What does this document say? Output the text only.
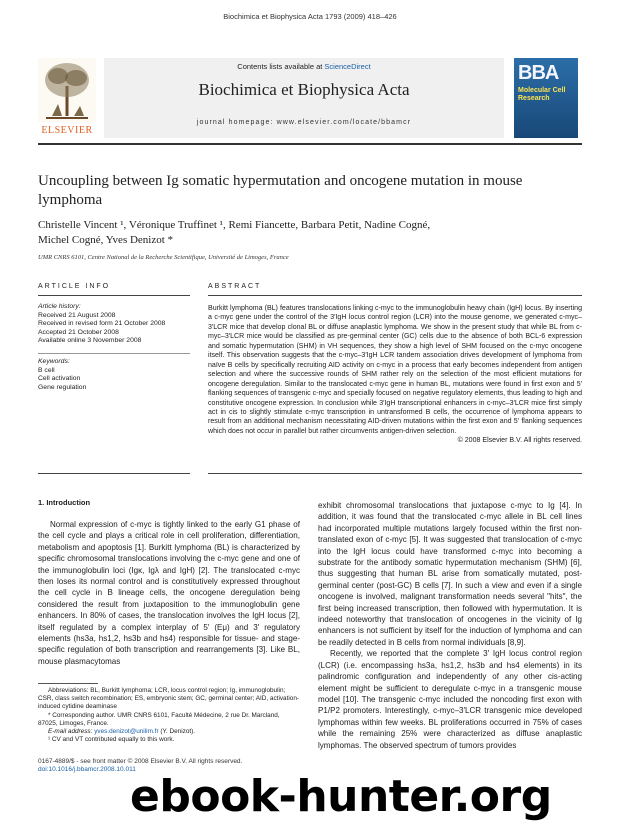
Biochimica et Biophysica Acta 1793 (2009) 418–426
ELSEVIER
Contents lists available at ScienceDirect
Biochimica et Biophysica Acta
journal homepage: www.elsevier.com/locate/bbamcr
BBA
Molecular Cell Research
Uncoupling between Ig somatic hypermutation and oncogene mutation in mouse lymphoma
Christelle Vincent ¹, Véronique Truffinet ¹, Remi Fiancette, Barbara Petit, Nadine Cogné,
Michel Cogné, Yves Denizot *
UMR CNRS 6101, Centre National de la Recherche Scientifique, Université de Limoges, France
ARTICLE INFO	ABSTRACT
Article history:
Received 21 August 2008
Received in revised form 21 October 2008
Accepted 21 October 2008
Available online 3 November 2008
Keywords:
B cell
Cell activation
Gene regulation
Burkitt lymphoma (BL) features translocations linking c-myc to the immunoglobulin heavy chain (IgH) locus. By inserting a c-myc gene under the control of the 3′IgH locus control region (LCR) into the mouse genome, we generated c-myc–3′LCR mice that develop clonal BL or diffuse anaplastic lymphoma. We show in the present study that while BL from c-myc–3′LCR mice would be classified as pre-germinal center (GC) cells due to the absence of both BCL-6 expression and somatic hypermutation (SHM) in VH sequences, they show a high level of SHM focused on the c-myc oncogene itself. This observation suggests that the c-myc–3′IgH LCR tandem association drives development of lymphoma from naïve B cells by specifically recruiting AID activity on c-myc in a process that early becomes independent from antigen selection and where the successive rounds of SHM rather rely on the selection of the most efficient mutations for oncogene deregulation. Similar to the translocated c-myc gene in human BL, mutations were found in first exon and 5′ flanking sequences of transgenic c-myc and specially focused on negative regulatory elements, thus leading to high and constitutive oncogene expression. In conclusion while 3′IgH transcriptional enhancers in c-myc–3′LCR mice first simply act in cis to slightly stimulate c-myc transcription in untransformed B cells, the occurrence of lymphoma appears to result from an additional mechanism necessitating AID-driven mutations within the first exon and 5′ flanking sequences which does not occur in parallel but rather circumvents antigen-driven selection.
© 2008 Elsevier B.V. All rights reserved.
1. Introduction

Normal expression of c-myc is tightly linked to the early G1 phase of the cell cycle and plays a critical role in cell proliferation, differentiation, metabolism and apoptosis [1]. Burkitt lymphoma (BL) is characterized by specific chromosomal translocations involving the c-myc gene and one of the immunoglobulin loci (Igκ, Igλ and IgH) [2]. The translocated c-myc then loses its normal control and is constitutively expressed throughout the cell cycle in B lineage cells, the oncogene deregulation being considered the result from juxtaposition to the immunoglobulin gene enhancers. In 80% of cases, the translocation involves the IgH locus [2], itself regulated by a complex interplay of 5′ (Eμ) and 3′ regulatory elements (hs3a, hs1,2, hs3b and hs4) responsible for tissue- and stage-specific regulation of both transcription and rearrangements [3]. Like BL, mouse plasmacytomas

exhibit chromosomal translocations that juxtapose c-myc to Ig [4]. In addition, it was found that the translocated c-myc allele in BL cell lines had incorporated multiple mutations largely focused within the first non-translated exon of c-myc [5]. It was suggested that translocation of c-myc into the IgH locus could have transformed c-myc into becoming a substrate for the antibody somatic hypermutation mechanism (SHM) [6], thus suggesting that human BL arise from somatically mutated, post-germinal center (post-GC) B cells [7]. In such a view and even if a single oncogene is involved, malignant transformation needs several "hits", the first being increased transcription, then followed with hypermutation. It is indeed noteworthy that translocation of oncogenes in the vicinity of Ig enhancers is not sufficient by itself for the induction of lymphoma and can be readily detected in B cells from normal individuals [8,9].

Recently, we reported that the complete 3′ IgH locus control region (LCR) (i.e. encompassing hs3a, hs1,2, hs3b and hs4 elements) in its palindromic configuration and independently of any other cis-acting element might be sufficient to deregulate c-myc in a transgenic mouse model [10]. The transgenic c-myc included the noncoding first exon with P1/P2 promoters. Interestingly, c-myc–3′LCR transgenic mice developed lymphomas within few weeks. BL proliferations occurred in 75% of cases while the remaining 25% were characterized as diffuse anaplastic lymphomas. The observed spectrum of tumors provides

Abbreviations: BL, Burkitt lymphoma; LCR, locus control region; Ig, immunoglobulin; CSR, class switch recombination; ES, embryonic stem; GC, germinal center; AID, activation-induced cytidine deaminase

* Corresponding author. UMR CNRS 6101, Faculté Médecine, 2 rue Dr. Marcland, 87025, Limoges, France.

E-mail address: yves.denizot@unilim.fr (Y. Denizot).

¹ CV and VT contributed equally to this work.

0167-4889/$ - see front matter © 2008 Elsevier B.V. All rights reserved.
doi:10.1016/j.bbamcr.2008.10.011
ebook-hunter.org
